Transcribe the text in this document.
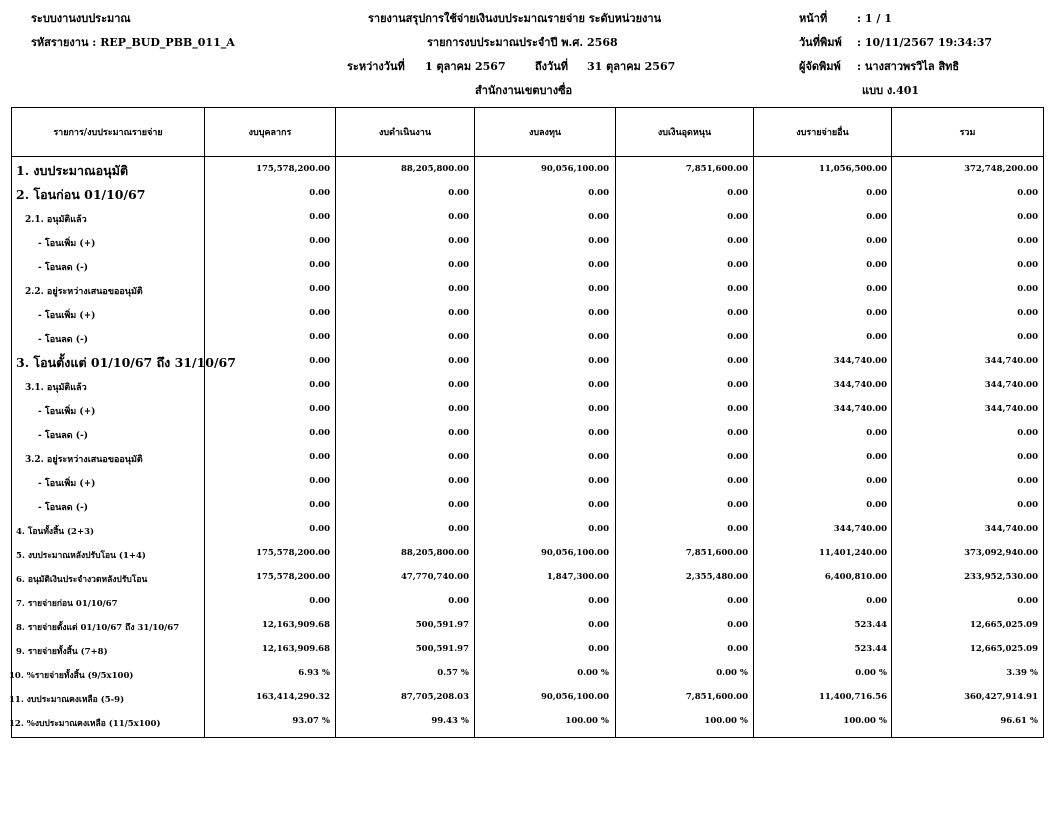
ระบบงานงบประมาณ
รหัสรายงาน : REP_BUD_PBB_011_A
รายงานสรุปการใช้จ่ายเงินงบประมาณรายจ่าย ระดับหน่วยงาน
รายการงบประมาณประจำปี พ.ศ. 2568
ระหว่างวันที่ 1 ตุลาคม 2567	ถึงวันที่ 31 ตุลาคม 2567
สำนักงานเขตบางซื่อ
หน้าที่	: 1 / 1
วันที่พิมพ์ : 10/11/2567 19:34:37
ผู้จัดพิมพ์ : นางสาวพรวิไล สิทธิ
แบบ ง.401
รายการ/งบประมาณรายจ่าย	งบบุคลากร	งบดำเนินงาน	งบลงทุน	งบเงินอุดหนุน	งบรายจ่ายอื่น	รวม
1. งบประมาณอนุมัติ	175,578,200.00	88,205,800.00	90,056,100.00	7,851,600.00	11,056,500.00	372,748,200.00
2. โอนก่อน 01/10/67	0.00	0.00	0.00	0.00	0.00	0.00
2.1. อนุมัติแล้ว	0.00	0.00	0.00	0.00	0.00	0.00
- โอนเพิ่ม (+)	0.00	0.00	0.00	0.00	0.00	0.00
- โอนลด (-)	0.00	0.00	0.00	0.00	0.00	0.00
2.2. อยู่ระหว่างเสนอขออนุมัติ	0.00	0.00	0.00	0.00	0.00	0.00
- โอนเพิ่ม (+)	0.00	0.00	0.00	0.00	0.00	0.00
- โอนลด (-)	0.00	0.00	0.00	0.00	0.00	0.00
3. โอนตั้งแต่ 01/10/67 ถึง 31/10/67	0.00	0.00	0.00	0.00	344,740.00	344,740.00
3.1. อนุมัติแล้ว	0.00	0.00	0.00	0.00	344,740.00	344,740.00
- โอนเพิ่ม (+)	0.00	0.00	0.00	0.00	344,740.00	344,740.00
- โอนลด (-)	0.00	0.00	0.00	0.00	0.00	0.00
3.2. อยู่ระหว่างเสนอขออนุมัติ	0.00	0.00	0.00	0.00	0.00	0.00
- โอนเพิ่ม (+)	0.00	0.00	0.00	0.00	0.00	0.00
- โอนลด (-)	0.00	0.00	0.00	0.00	0.00	0.00
4. โอนทั้งสิ้น (2+3)	0.00	0.00	0.00	0.00	344,740.00	344,740.00
5. งบประมาณหลังปรับโอน (1+4)	175,578,200.00	88,205,800.00	90,056,100.00	7,851,600.00	11,401,240.00	373,092,940.00
6. อนุมัติเงินประจำงวดหลังปรับโอน	175,578,200.00	47,770,740.00	1,847,300.00	2,355,480.00	6,400,810.00	233,952,530.00
7. รายจ่ายก่อน 01/10/67	0.00	0.00	0.00	0.00	0.00	0.00
8. รายจ่ายตั้งแต่ 01/10/67 ถึง 31/10/67	12,163,909.68	500,591.97	0.00	0.00	523.44	12,665,025.09
9. รายจ่ายทั้งสิ้น (7+8)	12,163,909.68	500,591.97	0.00	0.00	523.44	12,665,025.09
10. %รายจ่ายทั้งสิ้น (9/5x100)	6.93 %	0.57 %	0.00 %	0.00 %	0.00 %	3.39 %
11. งบประมาณคงเหลือ (5-9)	163,414,290.32	87,705,208.03	90,056,100.00	7,851,600.00	11,400,716.56	360,427,914.91
12. %งบประมาณคงเหลือ (11/5x100)	93.07 %	99.43 %	100.00 %	100.00 %	100.00 %	96.61 %
